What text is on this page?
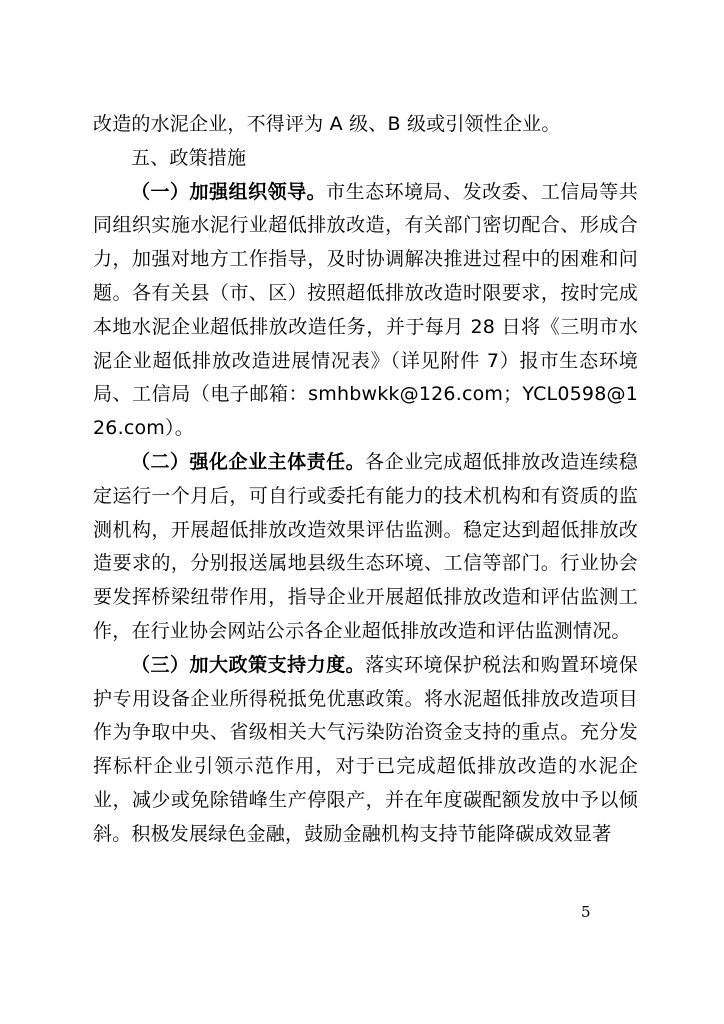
改造的水泥企业，不得评为 A 级、B 级或引领性企业。

五、政策措施

（一）加强组织领导。市生态环境局、发改委、工信局等共同组织实施水泥行业超低排放改造，有关部门密切配合、形成合力，加强对地方工作指导，及时协调解决推进过程中的困难和问题。各有关县（市、区）按照超低排放改造时限要求，按时完成本地水泥企业超低排放改造任务，并于每月 28 日将《三明市水泥企业超低排放改造进展情况表》（详见附件 7）报市生态环境局、工信局（电子邮箱：smhbwkk@126.com；YCL0598@126.com）。

（二）强化企业主体责任。各企业完成超低排放改造连续稳定运行一个月后，可自行或委托有能力的技术机构和有资质的监测机构，开展超低排放改造效果评估监测。稳定达到超低排放改造要求的，分别报送属地县级生态环境、工信等部门。行业协会要发挥桥梁纽带作用，指导企业开展超低排放改造和评估监测工作，在行业协会网站公示各企业超低排放改造和评估监测情况。

（三）加大政策支持力度。落实环境保护税法和购置环境保护专用设备企业所得税抵免优惠政策。将水泥超低排放改造项目作为争取中央、省级相关大气污染防治资金支持的重点。充分发挥标杆企业引领示范作用，对于已完成超低排放改造的水泥企业，减少或免除错峰生产停限产，并在年度碳配额发放中予以倾斜。积极发展绿色金融，鼓励金融机构支持节能降碳成效显著

5
